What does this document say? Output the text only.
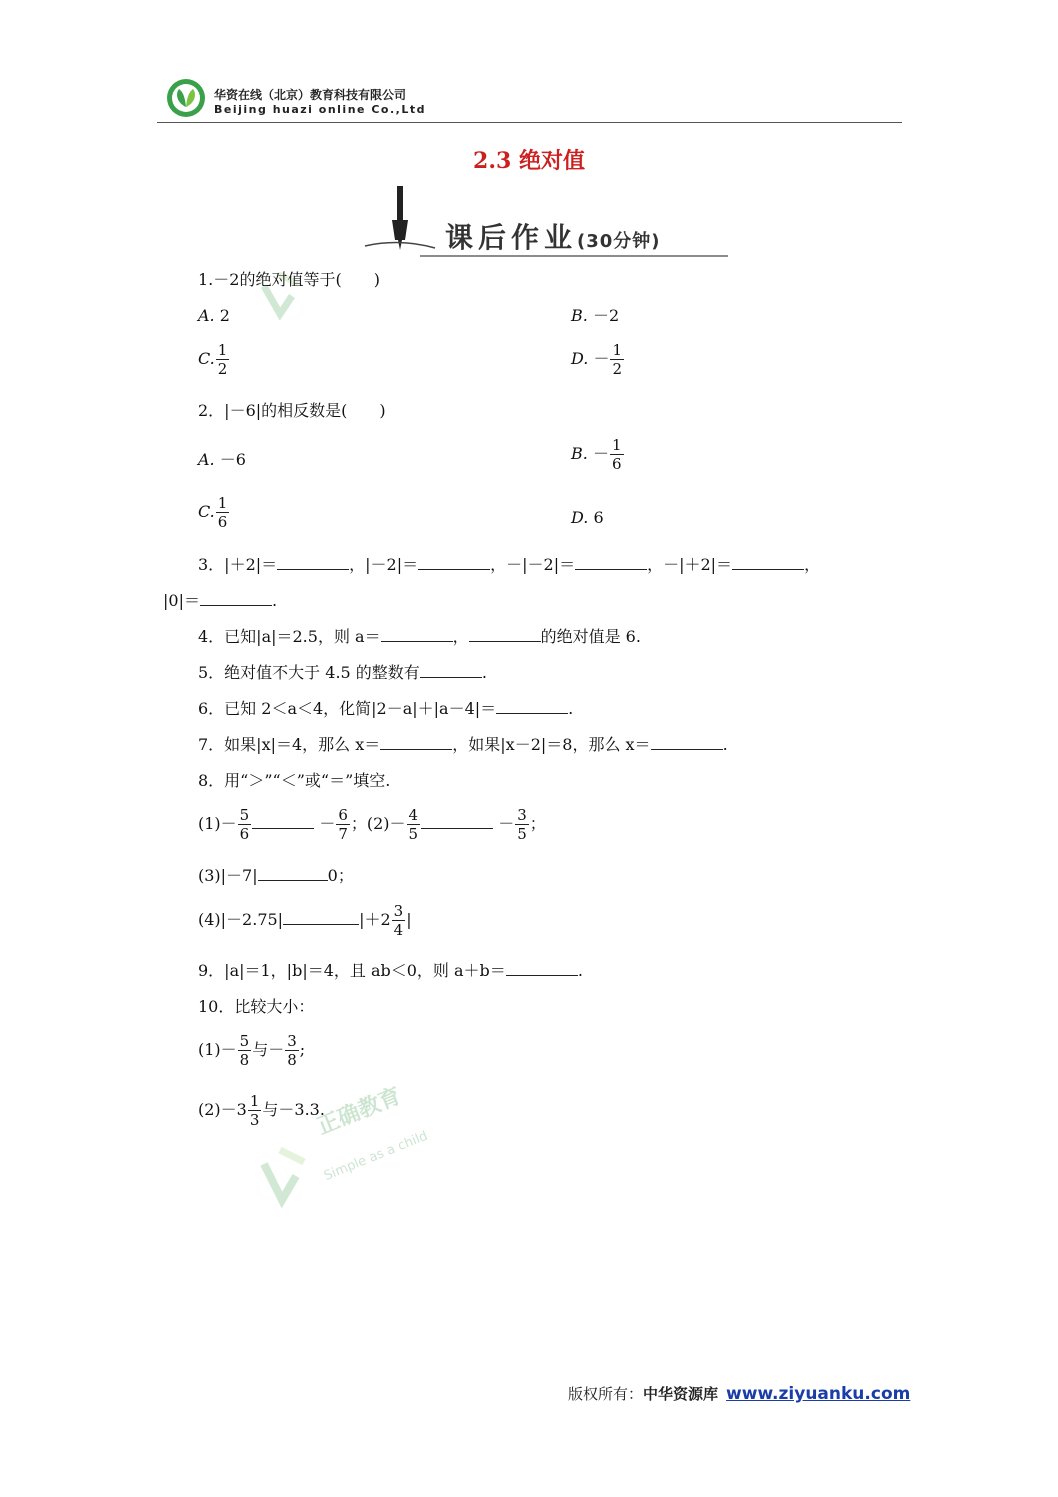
华资在线（北京）教育科技有限公司
Beijing huazi online Co.,Ltd
2.3 绝对值
课后作业(30分钟)
正确教育
Simple as a child
1.－2的绝对值等于(　　)
A. 2	B. －2
C. $\frac{1}{2}$	D. － $\frac{1}{2}$
2．|－6|的相反数是(　　)
A. －6	B. － $\frac{1}{6}$
C. $\frac{1}{6}$	D. 6
3．|＋2|＝	，|－2|＝	，－|－2|＝	，－|＋2|＝	，
|0|＝	.
4．已知|a|＝2.5，则 a＝	，	的绝对值是 6.
5．绝对值不大于 4.5 的整数有	.
6．已知 2＜a＜4，化简|2－a|＋|a－4|＝	.
7．如果|x|＝4，那么 x＝	，如果|x－2|＝8，那么 x＝	.
8．用“＞”“＜”或“＝”填空.
$(1)- \frac{5}{6}$	－ $\frac{6}{7}$ ；$(2)- \frac{4}{5}$	－ $\frac{3}{5}$ ；
(3)|－7|	0；
(4)|－2.75|	$|+2 \frac{3}{4}$ |
9．|a|＝1，|b|＝4，且 ab＜0，则 a＋b＝	.
10．比较大小：
$(1)- \frac{5}{8}$ 与－ $\frac{3}{8}$ ;
$(2)-3 \frac{1}{3}$ 与－3.3.
版权所有：中华资源库 www.ziyuanku.com
